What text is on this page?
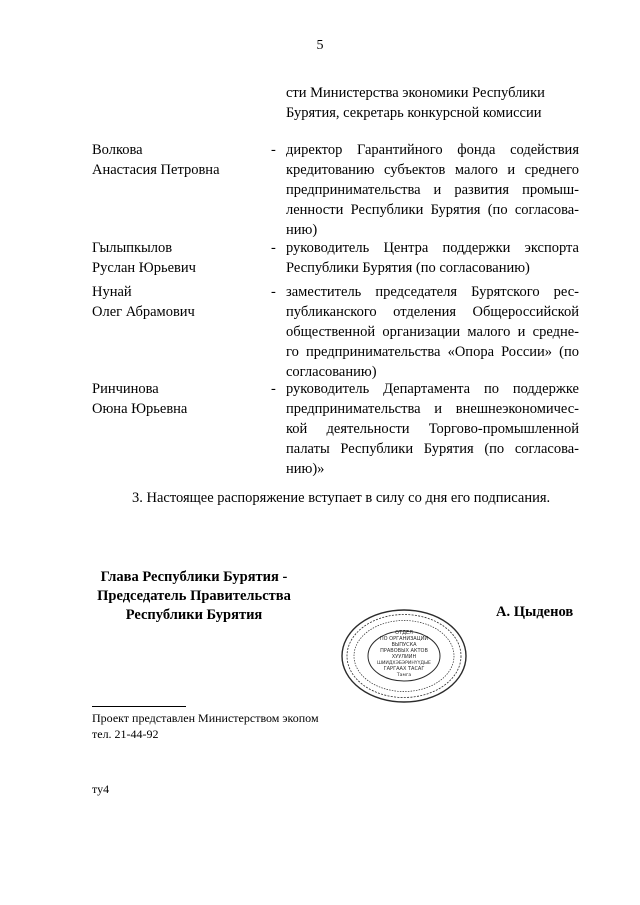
5
сти Министерства экономики Республики
Бурятия, секретарь конкурсной комиссии
Волкова
Анастасия Петровна
- директор Гарантийного фонда содействия
кредитованию субъектов малого и среднего
предпринимательства и развития промыш-
ленности Республики Бурятия (по согласова-
нию)
Гылыпкылов
Руслан Юрьевич
- руководитель Центра поддержки экспорта
Республики Бурятия (по согласованию)
Нунай
Олег Абрамович
- заместитель председателя Бурятского рес-
публиканского отделения Общероссийской
общественной организации малого и средне-
го предпринимательства «Опора России» (по
согласованию)
Ринчинова
Оюна Юрьевна
- руководитель Департамента по поддержке
предпринимательства и внешнеэкономичес-
кой деятельности Торгово-промышленной
палаты Республики Бурятия (по согласова-
нию)»
3. Настоящее распоряжение вступает в силу со дня его подписания.
Глава Республики Бурятия -
Председатель Правительства
Республики Бурятия	А. Цыденов
ОТДЕЛ
ПО ОРГАНИЗАЦИИ
ВЫПУСКА
ПРАВОВЫХ АКТОВ
ХУУЛИИН
ШИИДХЭБЭРИНҮҮДЫЕ
ГАРГААХ ТАСАГ
Тамга
Проект представлен Министерством экопом
тел. 21-44-92
ту4
